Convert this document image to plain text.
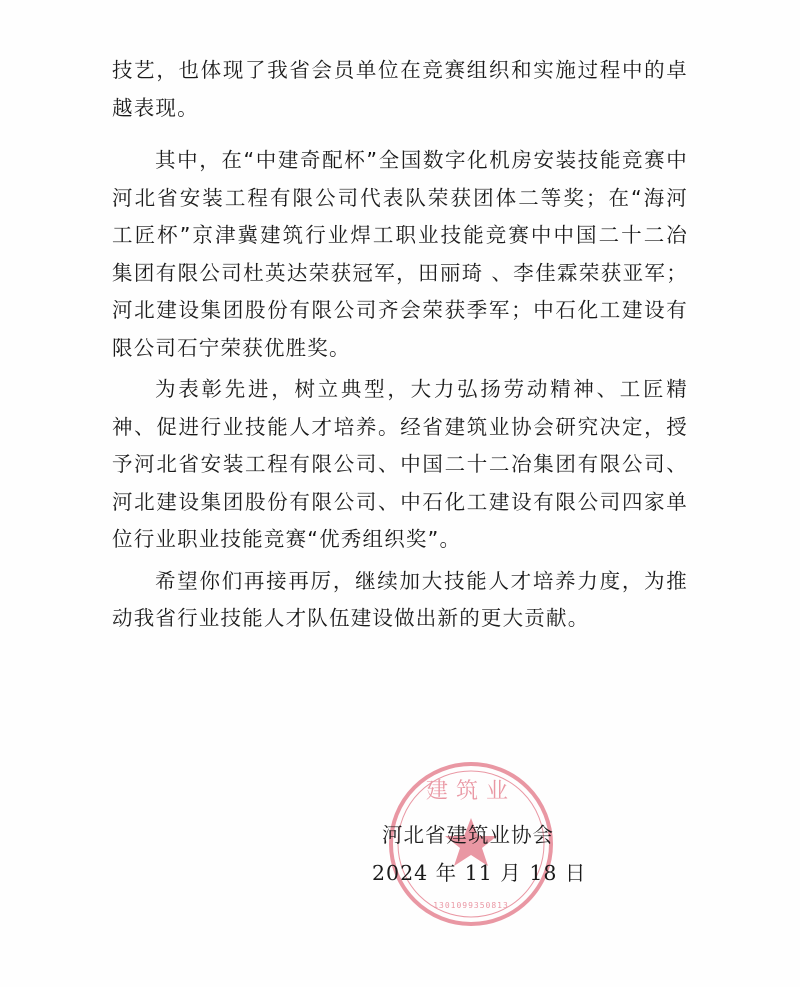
技艺，也体现了我省会员单位在竞赛组织和实施过程中的卓越表现。

其中，在“中建奇配杯”全国数字化机房安装技能竞赛中河北省安装工程有限公司代表队荣获团体二等奖；在“海河工匠杯”京津冀建筑行业焊工职业技能竞赛中中国二十二冶集团有限公司杜英达荣获冠军，田丽琦 、李佳霖荣获亚军；河北建设集团股份有限公司齐会荣获季军；中石化工建设有限公司石宁荣获优胜奖。

为表彰先进，树立典型，大力弘扬劳动精神、工匠精神、促进行业技能人才培养。经省建筑业协会研究决定，授予河北省安装工程有限公司、中国二十二冶集团有限公司、河北建设集团股份有限公司、中石化工建设有限公司四家单位行业职业技能竞赛“优秀组织奖”。

希望你们再接再厉，继续加大技能人才培养力度，为推动我省行业技能人才队伍建设做出新的更大贡献。

建筑业
1301099350813
河北省建筑业协会
2024 年 11 月 18 日
